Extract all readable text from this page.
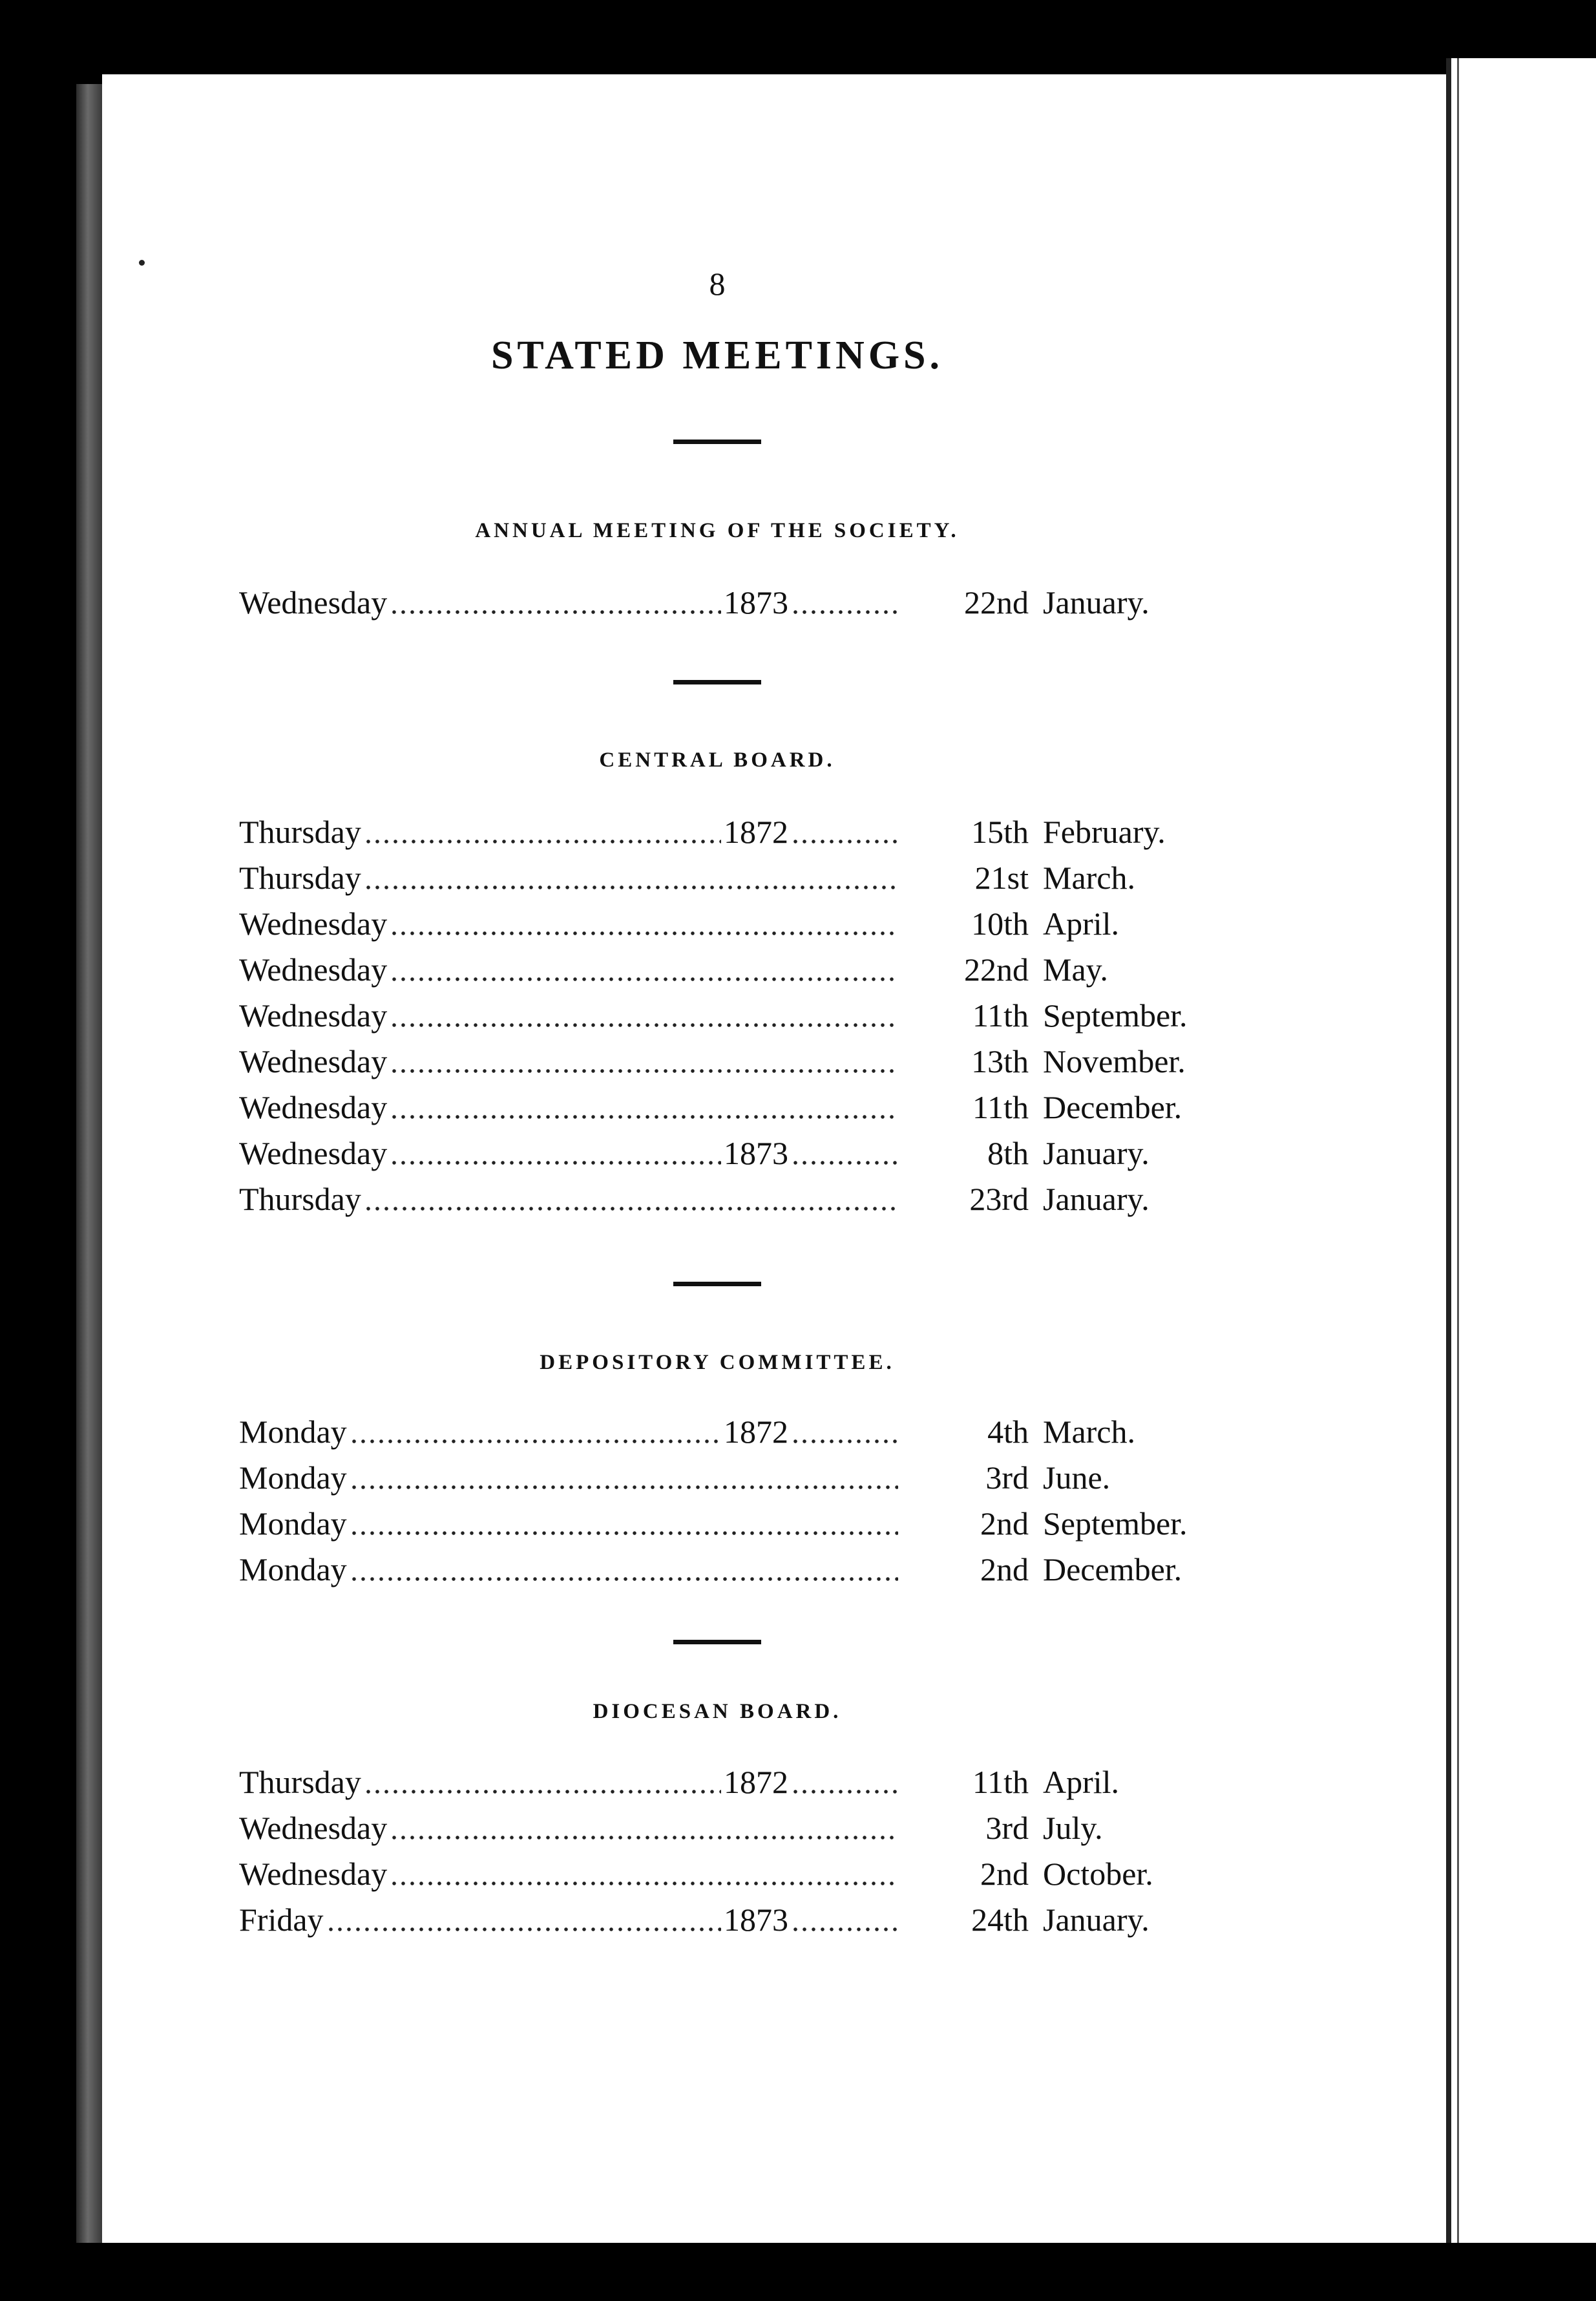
8
STATED MEETINGS.
ANNUAL MEETING OF THE SOCIETY.
Wednesday	1873	22nd January.
CENTRAL BOARD.
Thursday	1872	15th February.
Thursday	21st March.
Wednesday	10th April.
Wednesday	22nd May.
Wednesday	11th September.
Wednesday	13th November.
Wednesday	11th December.
Wednesday	1873	8th January.
Thursday	23rd January.
DEPOSITORY COMMITTEE.
Monday	1872	4th March.
Monday	3rd June.
Monday	2nd September.
Monday	2nd December.
DIOCESAN BOARD.
Thursday	1872	11th April.
Wednesday	3rd July.
Wednesday	2nd October.
Friday	1873	24th January.
